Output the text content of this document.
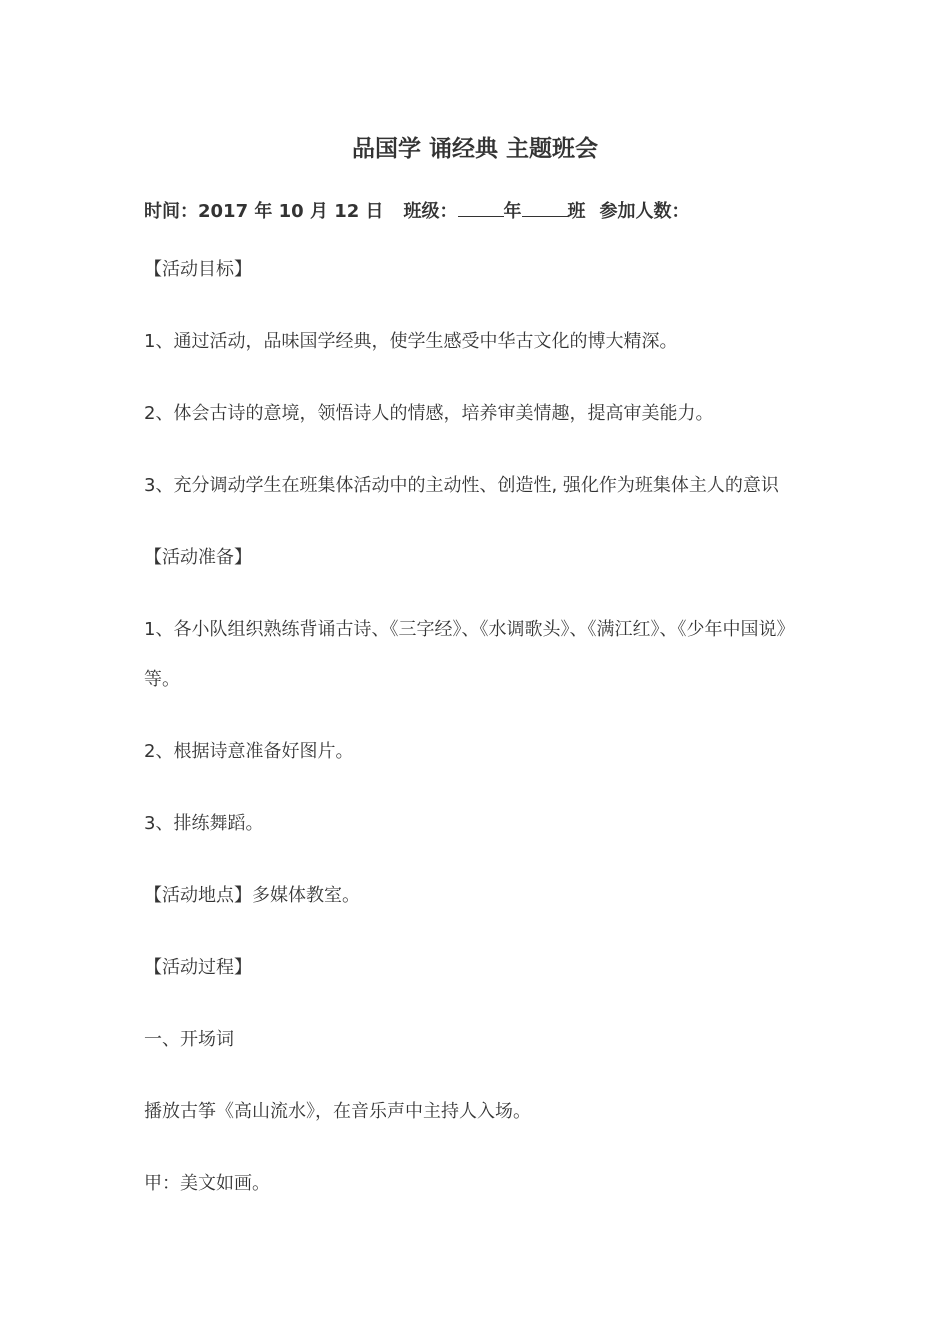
品国学 诵经典 主题班会
时间：2017 年 10 月 12 日 班级：	年	班 参加人数：
【活动目标】
1、通过活动，品味国学经典，使学生感受中华古文化的博大精深。
2、体会古诗的意境，领悟诗人的情感，培养审美情趣，提高审美能力。
3、充分调动学生在班集体活动中的主动性、创造性, 强化作为班集体主人的意识
【活动准备】
1、各小队组织熟练背诵古诗、《三字经》、《水调歌头》、《满江红》、《少年中国说》
等。
2、根据诗意准备好图片。
3、排练舞蹈。
【活动地点】多媒体教室。
【活动过程】
一、开场词
播放古筝《高山流水》，在音乐声中主持人入场。
甲：美文如画。
